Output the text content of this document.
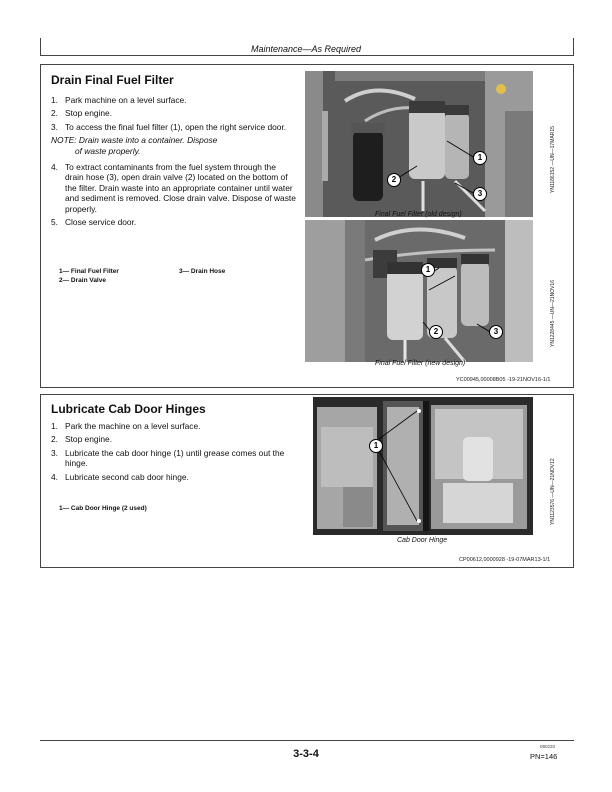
Maintenance—As Required
Drain Final Fuel Filter
1. Park machine on a level surface.
2. Stop engine.
3. To access the final fuel filter (1), open the right service door.
NOTE: Drain waste into a container. Dispose
of waste properly.
4. To extract contaminants from the fuel system through the drain hose (3), open drain valve (2) located on the bottom of the filter. Drain waste into an appropriate container until water and sediment is removed. Close drain valve. Dispose of waste properly.
5. Close service door.
1— Final Fuel Filter
2— Drain Valve
3— Drain Hose
1
2
3
Final Fuel Filter (old design)
YN1186152 —UN—17MAR15
1
2	3
Final Fuel Filter (new design)
YN1228445 —UN—21NOV16
YC00945,00008B05 -19-21NOV16-1/1
Lubricate Cab Door Hinges
1. Park the machine on a level surface.
2. Stop engine.
3. Lubricate the cab door hinge (1) until grease comes out the hinge.
4. Lubricate second cab door hinge.
1— Cab Door Hinge (2 used)
1
Cab Door Hinge
YN1123576 —UN—21NOV12
CP00612,0000928 -19-07MAR13-1/1
3-3-4
090220
PN=146
